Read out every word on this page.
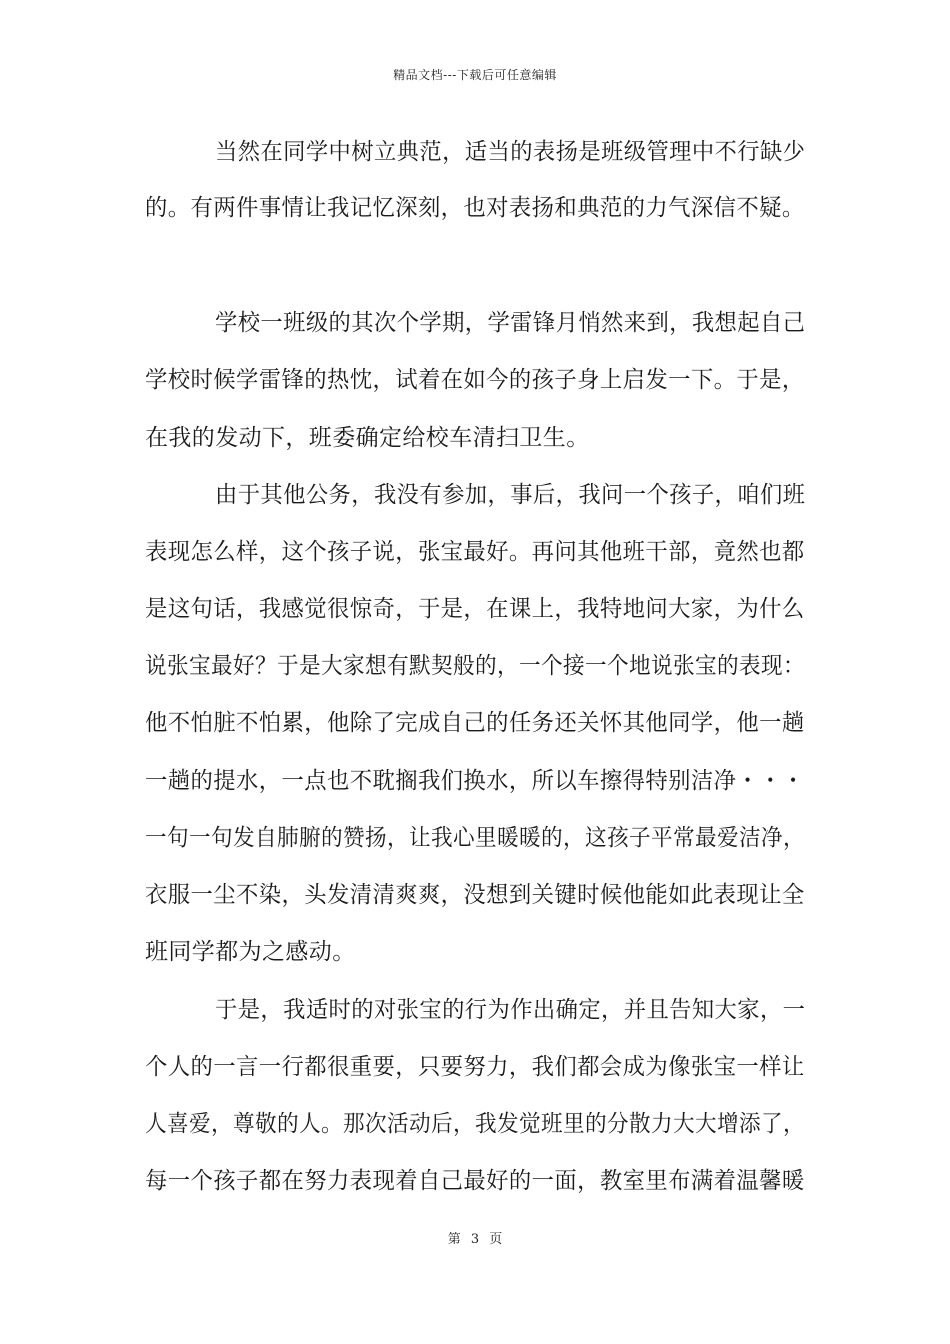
精品文档---下载后可任意编辑
当然在同学中树立典范，适当的表扬是班级管理中不行缺少
的。有两件事情让我记忆深刻，也对表扬和典范的力气深信不疑。
学校一班级的其次个学期，学雷锋月悄然来到，我想起自己
学校时候学雷锋的热忱，试着在如今的孩子身上启发一下。于是，
在我的发动下，班委确定给校车清扫卫生。
由于其他公务，我没有参加，事后，我问一个孩子，咱们班
表现怎么样，这个孩子说，张宝最好。再问其他班干部，竟然也都
是这句话，我感觉很惊奇，于是，在课上，我特地问大家，为什么
说张宝最好？于是大家想有默契般的，一个接一个地说张宝的表现：
他不怕脏不怕累，他除了完成自己的任务还关怀其他同学，他一趟
一趟的提水，一点也不耽搁我们换水，所以车擦得特别洁净・・・
一句一句发自肺腑的赞扬，让我心里暖暖的，这孩子平常最爱洁净，
衣服一尘不染，头发清清爽爽，没想到关键时候他能如此表现让全
班同学都为之感动。
于是，我适时的对张宝的行为作出确定，并且告知大家，一
个人的一言一行都很重要，只要努力，我们都会成为像张宝一样让
人喜爱，尊敬的人。那次活动后，我发觉班里的分散力大大增添了，
每一个孩子都在努力表现着自己最好的一面，教室里布满着温馨暖
第 3 页
